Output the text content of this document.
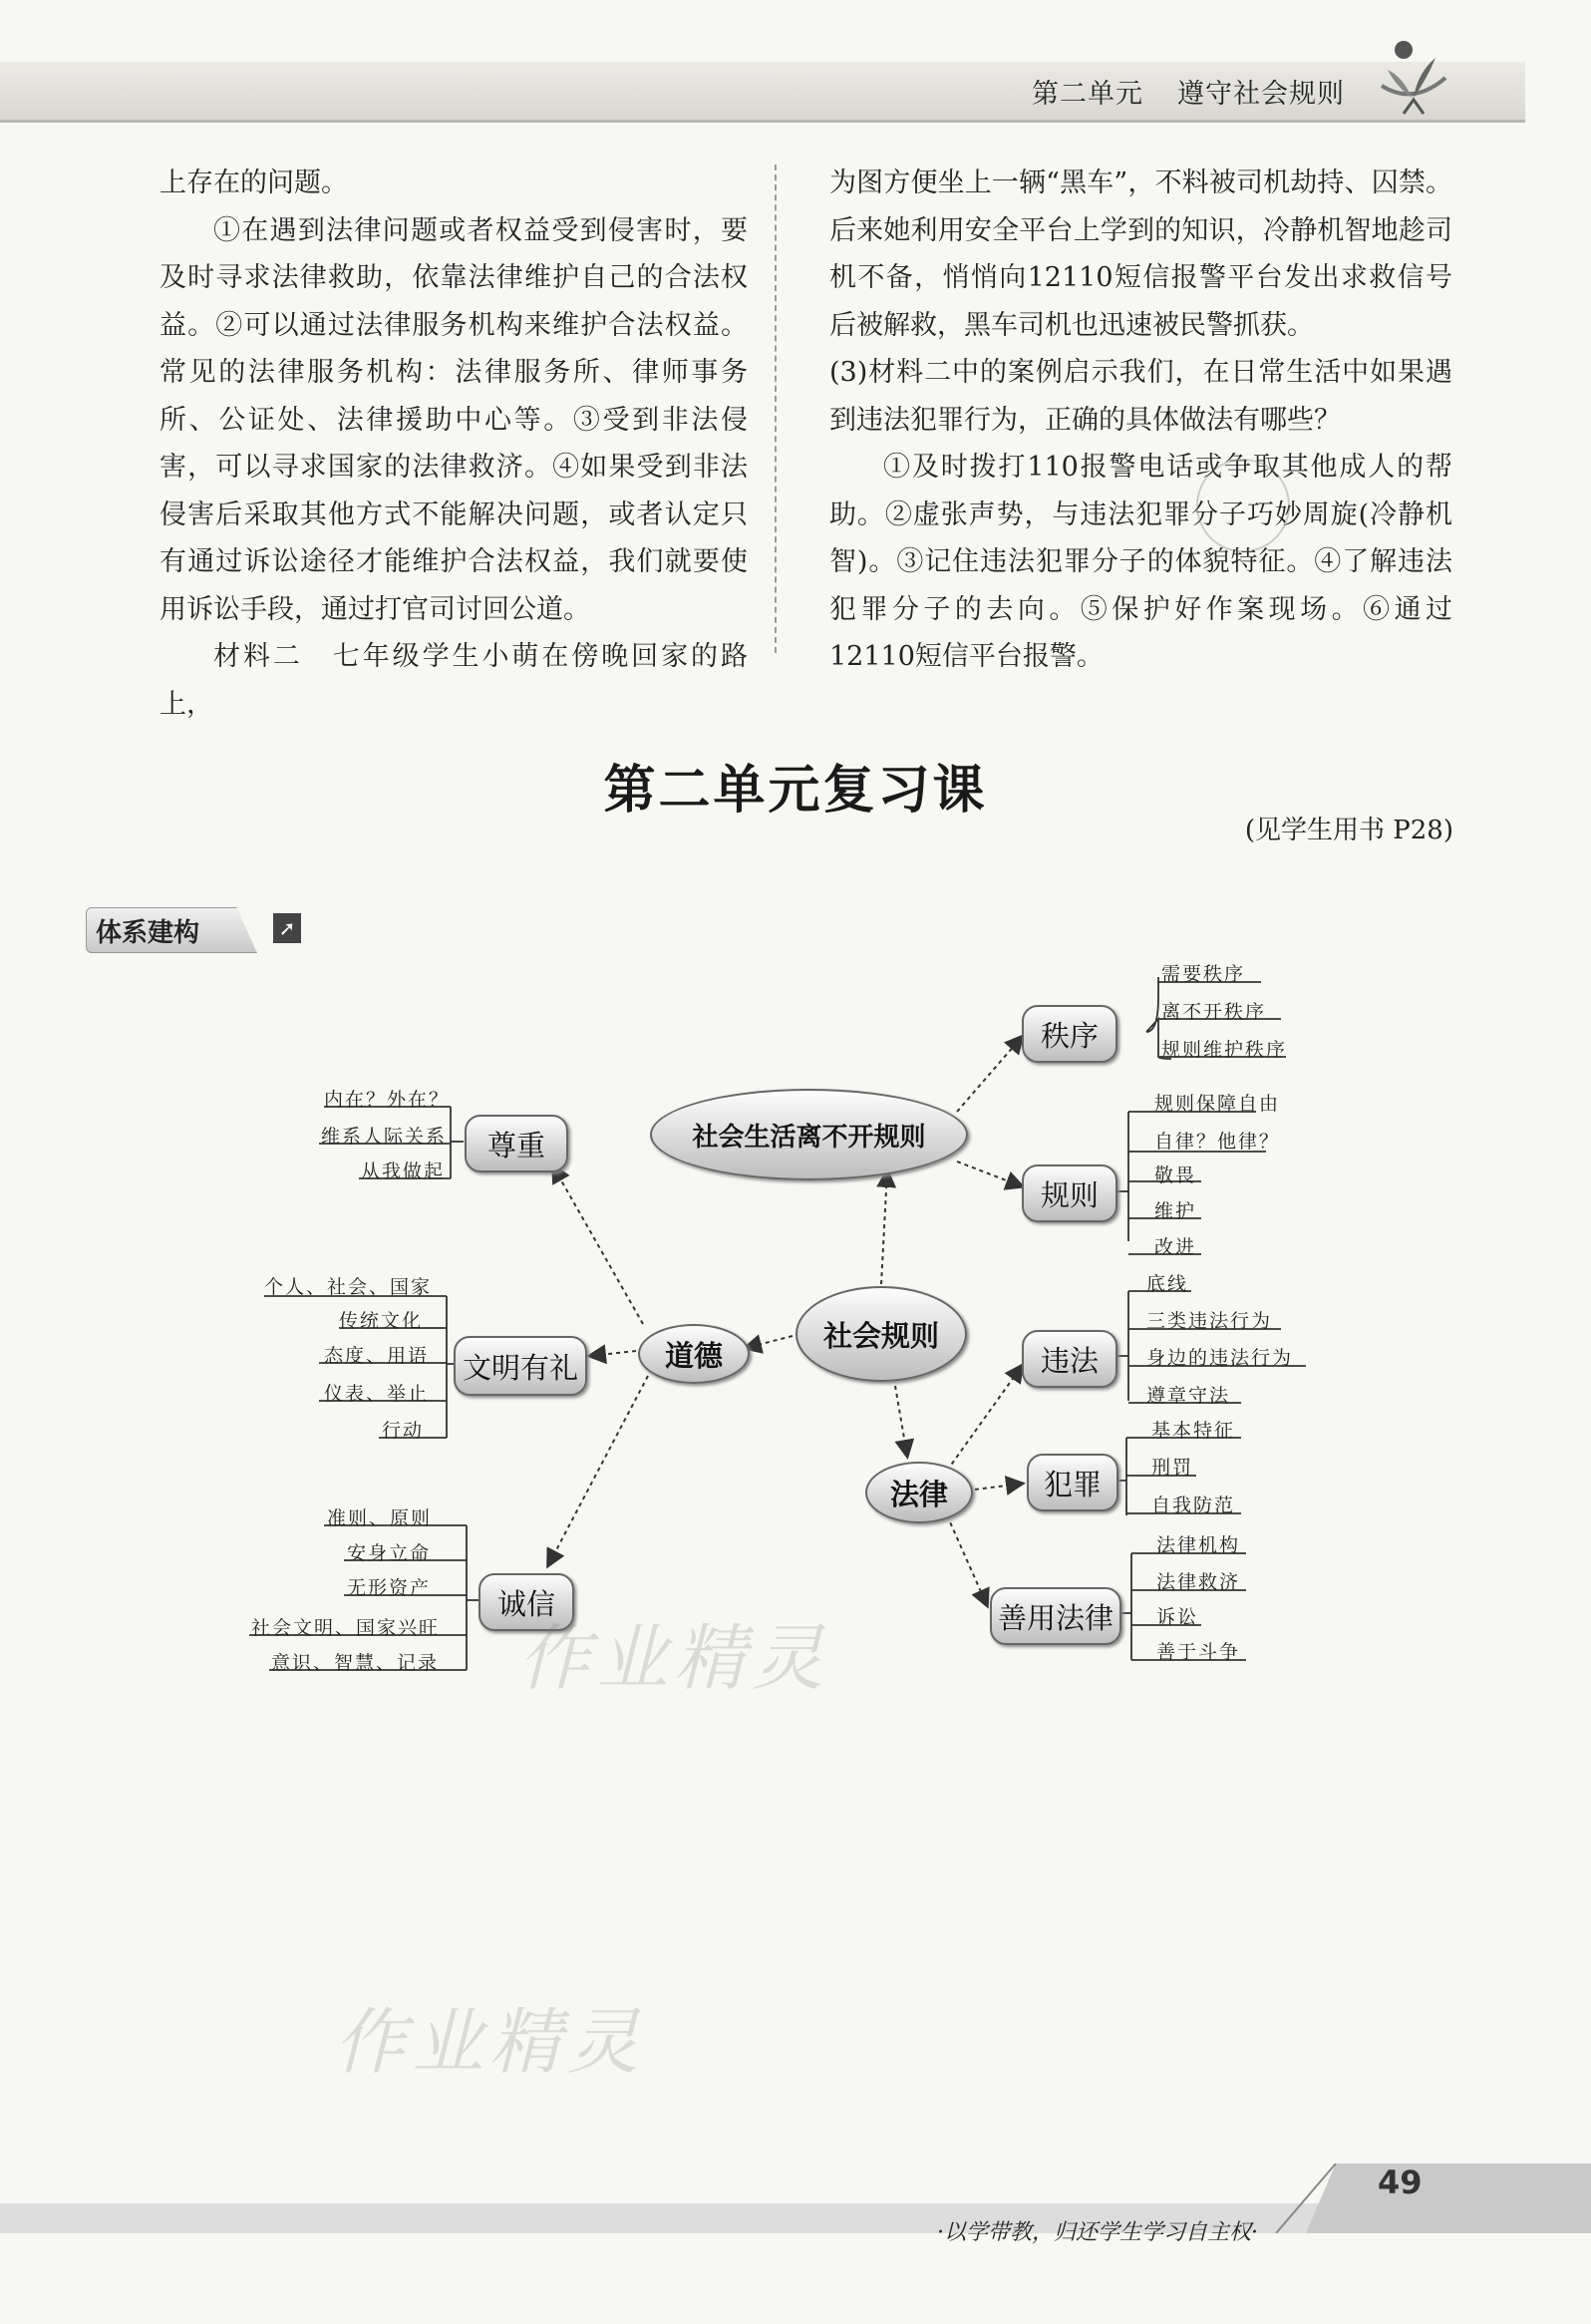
第二单元 遵守社会规则

上存在的问题。

①在遇到法律问题或者权益受到侵害时，要及时寻求法律救助，依靠法律维护自己的合法权益。②可以通过法律服务机构来维护合法权益。常见的法律服务机构：法律服务所、律师事务所、公证处、法律援助中心等。③受到非法侵害，可以寻求国家的法律救济。④如果受到非法侵害后采取其他方式不能解决问题，或者认定只有通过诉讼途径才能维护合法权益，我们就要使用诉讼手段，通过打官司讨回公道。

材料二　七年级学生小萌在傍晚回家的路上，

为图方便坐上一辆“黑车”，不料被司机劫持、囚禁。后来她利用安全平台上学到的知识，冷静机智地趁司机不备，悄悄向12110短信报警平台发出求救信号后被解救，黑车司机也迅速被民警抓获。

(3)材料二中的案例启示我们，在日常生活中如果遇到违法犯罪行为，正确的具体做法有哪些？

①及时拨打110报警电话或争取其他成人的帮助。②虚张声势，与违法犯罪分子巧妙周旋(冷静机智)。③记住违法犯罪分子的体貌特征。④了解违法犯罪分子的去向。⑤保护好作案现场。⑥通过12110短信平台报警。

第二单元复习课
(见学生用书 P28)
体系建构	➚
社会生活离不开规则
社会规则
道德
法律
秩序
规则
尊重
文明有礼
诚信
违法
犯罪
善用法律
需要秩序
离不开秩序
规则维护秩序
规则保障自由
自律？他律？
敬畏
维护
改进
底线
三类违法行为
身边的违法行为
遵章守法
基本特征
刑罚
自我防范
法律机构
法律救济
诉讼
善于斗争
内在？外在？
维系人际关系
从我做起
个人、社会、国家
传统文化
态度、用语
仪表、举止
行动
准则、原则
安身立命
无形资产
社会文明、国家兴旺
意识、智慧、记录 作业精灵
作业精灵
49
·以学带教，归还学生学习自主权·
